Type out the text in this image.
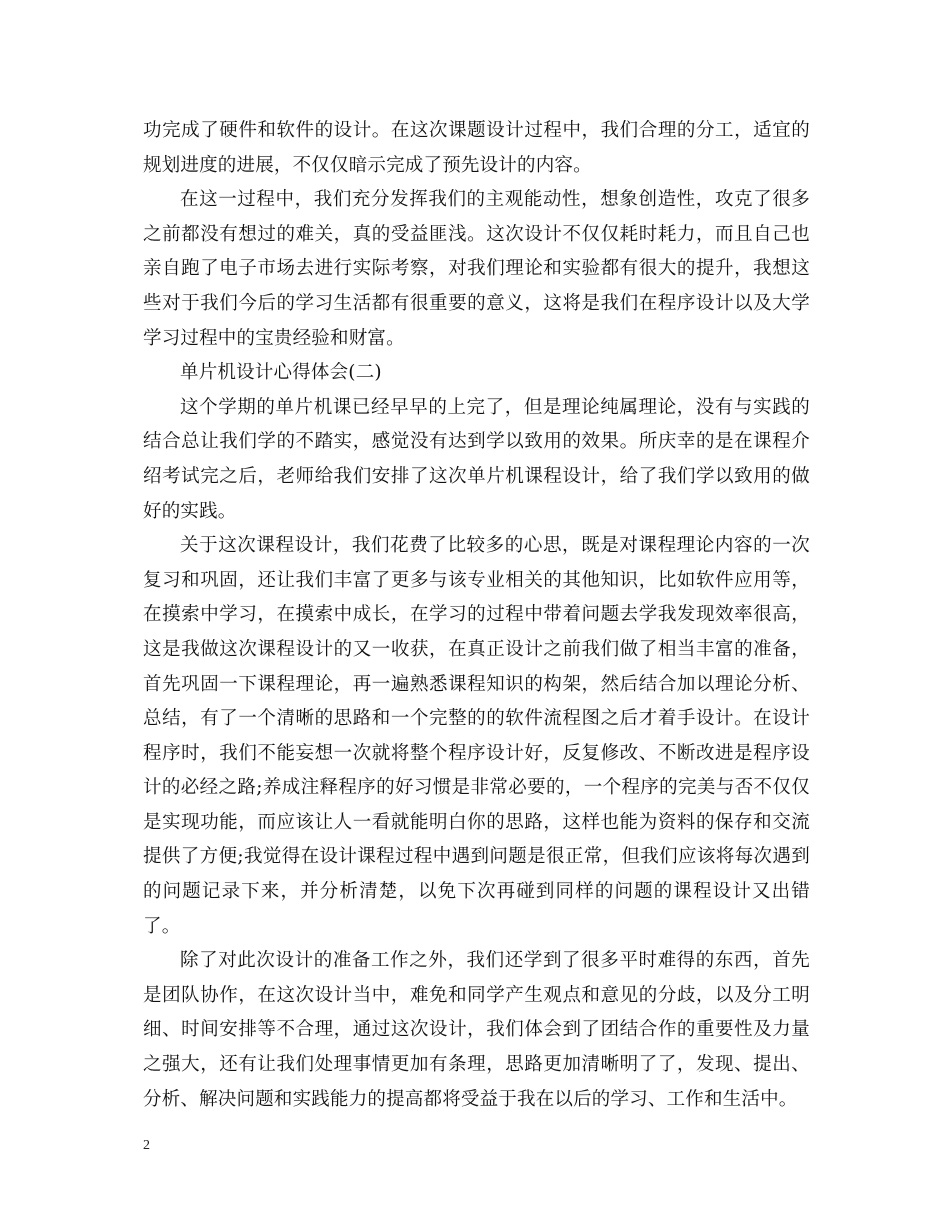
功完成了硬件和软件的设计。在这次课题设计过程中，我们合理的分工，适宜的规划进度的进展，不仅仅暗示完成了预先设计的内容。

在这一过程中，我们充分发挥我们的主观能动性，想象创造性，攻克了很多之前都没有想过的难关，真的受益匪浅。这次设计不仅仅耗时耗力，而且自己也亲自跑了电子市场去进行实际考察，对我们理论和实验都有很大的提升，我想这些对于我们今后的学习生活都有很重要的意义，这将是我们在程序设计以及大学学习过程中的宝贵经验和财富。

单片机设计心得体会(二)

这个学期的单片机课已经早早的上完了，但是理论纯属理论，没有与实践的结合总让我们学的不踏实，感觉没有达到学以致用的效果。所庆幸的是在课程介绍考试完之后，老师给我们安排了这次单片机课程设计，给了我们学以致用的做好的实践。

关于这次课程设计，我们花费了比较多的心思，既是对课程理论内容的一次复习和巩固，还让我们丰富了更多与该专业相关的其他知识，比如软件应用等，在摸索中学习，在摸索中成长，在学习的过程中带着问题去学我发现效率很高，这是我做这次课程设计的又一收获，在真正设计之前我们做了相当丰富的准备，首先巩固一下课程理论，再一遍熟悉课程知识的构架，然后结合加以理论分析、总结，有了一个清晰的思路和一个完整的的软件流程图之后才着手设计。在设计程序时，我们不能妄想一次就将整个程序设计好，反复修改、不断改进是程序设计的必经之路;养成注释程序的好习惯是非常必要的，一个程序的完美与否不仅仅是实现功能，而应该让人一看就能明白你的思路，这样也能为资料的保存和交流提供了方便;我觉得在设计课程过程中遇到问题是很正常，但我们应该将每次遇到的问题记录下来，并分析清楚，以免下次再碰到同样的问题的课程设计又出错了。

除了对此次设计的准备工作之外，我们还学到了很多平时难得的东西，首先是团队协作，在这次设计当中，难免和同学产生观点和意见的分歧，以及分工明细、时间安排等不合理，通过这次设计，我们体会到了团结合作的重要性及力量之强大，还有让我们处理事情更加有条理，思路更加清晰明了了，发现、提出、分析、解决问题和实践能力的提高都将受益于我在以后的学习、工作和生活中。

2
